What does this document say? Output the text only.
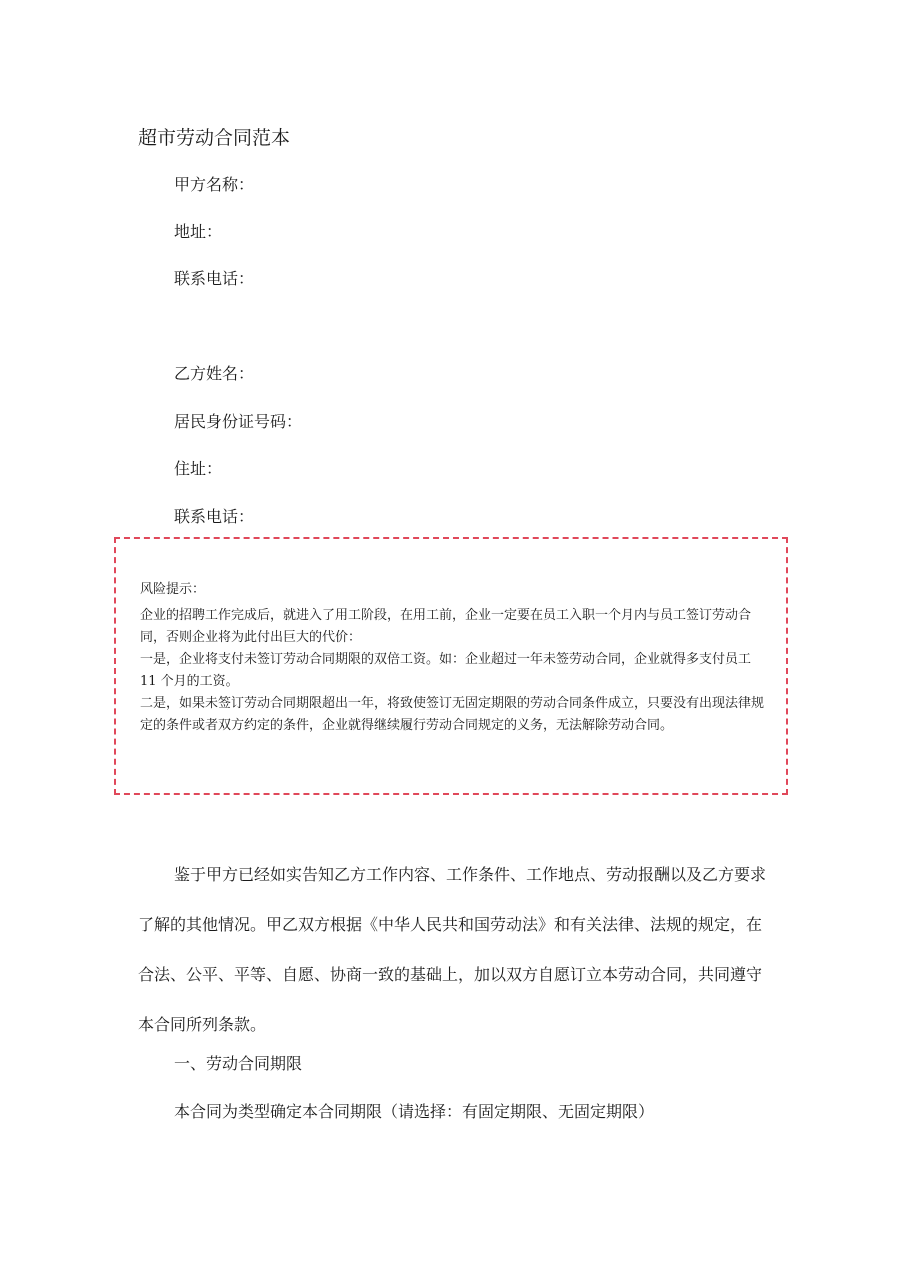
超市劳动合同范本
甲方名称：
地址：
联系电话：
乙方姓名：
居民身份证号码：
住址：
联系电话：
风险提示：

企业的招聘工作完成后，就进入了用工阶段，在用工前，企业一定要在员工入职一个月内与员工签订劳动合同，否则企业将为此付出巨大的代价：

一是，企业将支付未签订劳动合同期限的双倍工资。如：企业超过一年未签劳动合同，企业就得多支付员工 11 个月的工资。

二是，如果未签订劳动合同期限超出一年，将致使签订无固定期限的劳动合同条件成立，只要没有出现法律规定的条件或者双方约定的条件，企业就得继续履行劳动合同规定的义务，无法解除劳动合同。

鉴于甲方已经如实告知乙方工作内容、工作条件、工作地点、劳动报酬以及乙方要求了解的其他情况。甲乙双方根据《中华人民共和国劳动法》和有关法律、法规的规定，在合法、公平、平等、自愿、协商一致的基础上，加以双方自愿订立本劳动合同，共同遵守本合同所列条款。

一、劳动合同期限
本合同为类型确定本合同期限（请选择：有固定期限、无固定期限）
